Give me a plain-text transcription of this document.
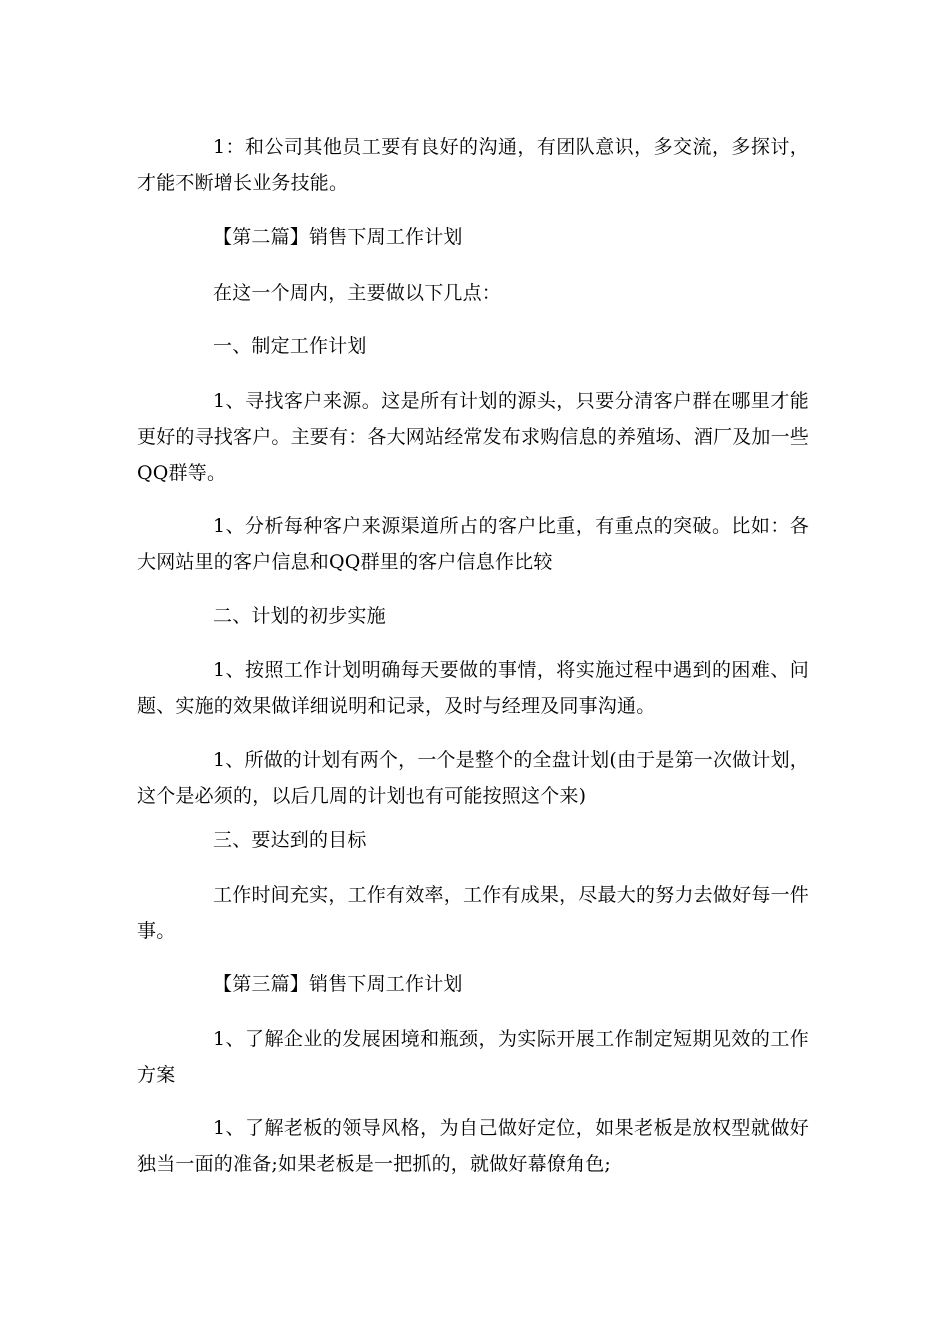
1：和公司其他员工要有良好的沟通，有团队意识，多交流，多探讨，才能不断增长业务技能。

【第二篇】销售下周工作计划

在这一个周内，主要做以下几点：

一、制定工作计划

1、寻找客户来源。这是所有计划的源头，只要分清客户群在哪里才能更好的寻找客户。主要有：各大网站经常发布求购信息的养殖场、酒厂及加一些QQ群等。

1、分析每种客户来源渠道所占的客户比重，有重点的突破。比如：各大网站里的客户信息和QQ群里的客户信息作比较

二、计划的初步实施

1、按照工作计划明确每天要做的事情，将实施过程中遇到的困难、问题、实施的效果做详细说明和记录，及时与经理及同事沟通。

1、所做的计划有两个，一个是整个的全盘计划(由于是第一次做计划，这个是必须的，以后几周的计划也有可能按照这个来)

三、要达到的目标

工作时间充实，工作有效率，工作有成果，尽最大的努力去做好每一件事。

【第三篇】销售下周工作计划

1、了解企业的发展困境和瓶颈，为实际开展工作制定短期见效的工作方案

1、了解老板的领导风格，为自己做好定位，如果老板是放权型就做好独当一面的准备;如果老板是一把抓的，就做好幕僚角色;
